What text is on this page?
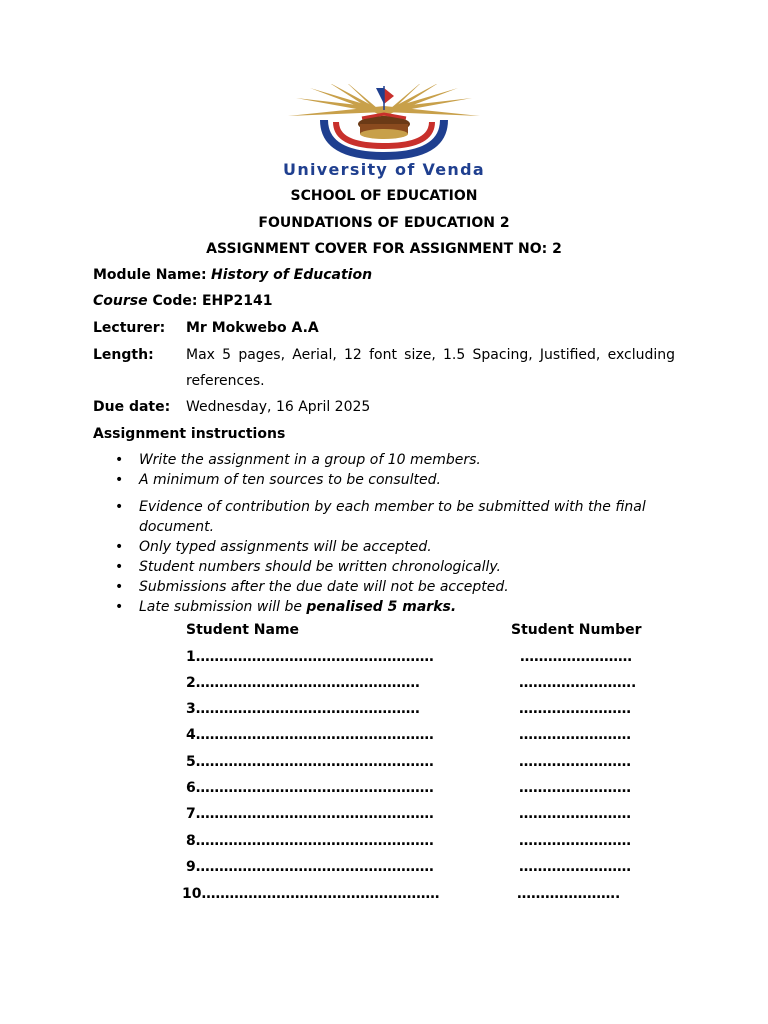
University of Venda
SCHOOL OF EDUCATION
FOUNDATIONS OF EDUCATION 2
ASSIGNMENT COVER FOR ASSIGNMENT NO: 2
Module Name: History of Education
Course Code: EHP2141
Lecturer: Mr Mokwebo A.A
Length: Max 5 pages, Aerial, 12 font size, 1.5 Spacing, Justified, excluding references.
Due date: Wednesday, 16 April 2025
Assignment instructions
• Write the assignment in a group of 10 members.
• A minimum of ten sources to be consulted.
• Evidence of contribution by each member to be submitted with the final document.
• Only typed assignments will be accepted.
• Student numbers should be written chronologically.
• Submissions after the due date will not be accepted.
• Late submission will be penalised 5 marks.
Student Name	Student Number
1……………………………………………	……………………
2…………………………………………	…………………….
3…………………………………………	……………………
4……………………………………………	……………………
5……………………………………………	……………………
6……………………………………………	……………………
7……………………………………………	……………………
8……………………………………………	……………………
9……………………………………………	……………………
10……………………………………………	………………….
